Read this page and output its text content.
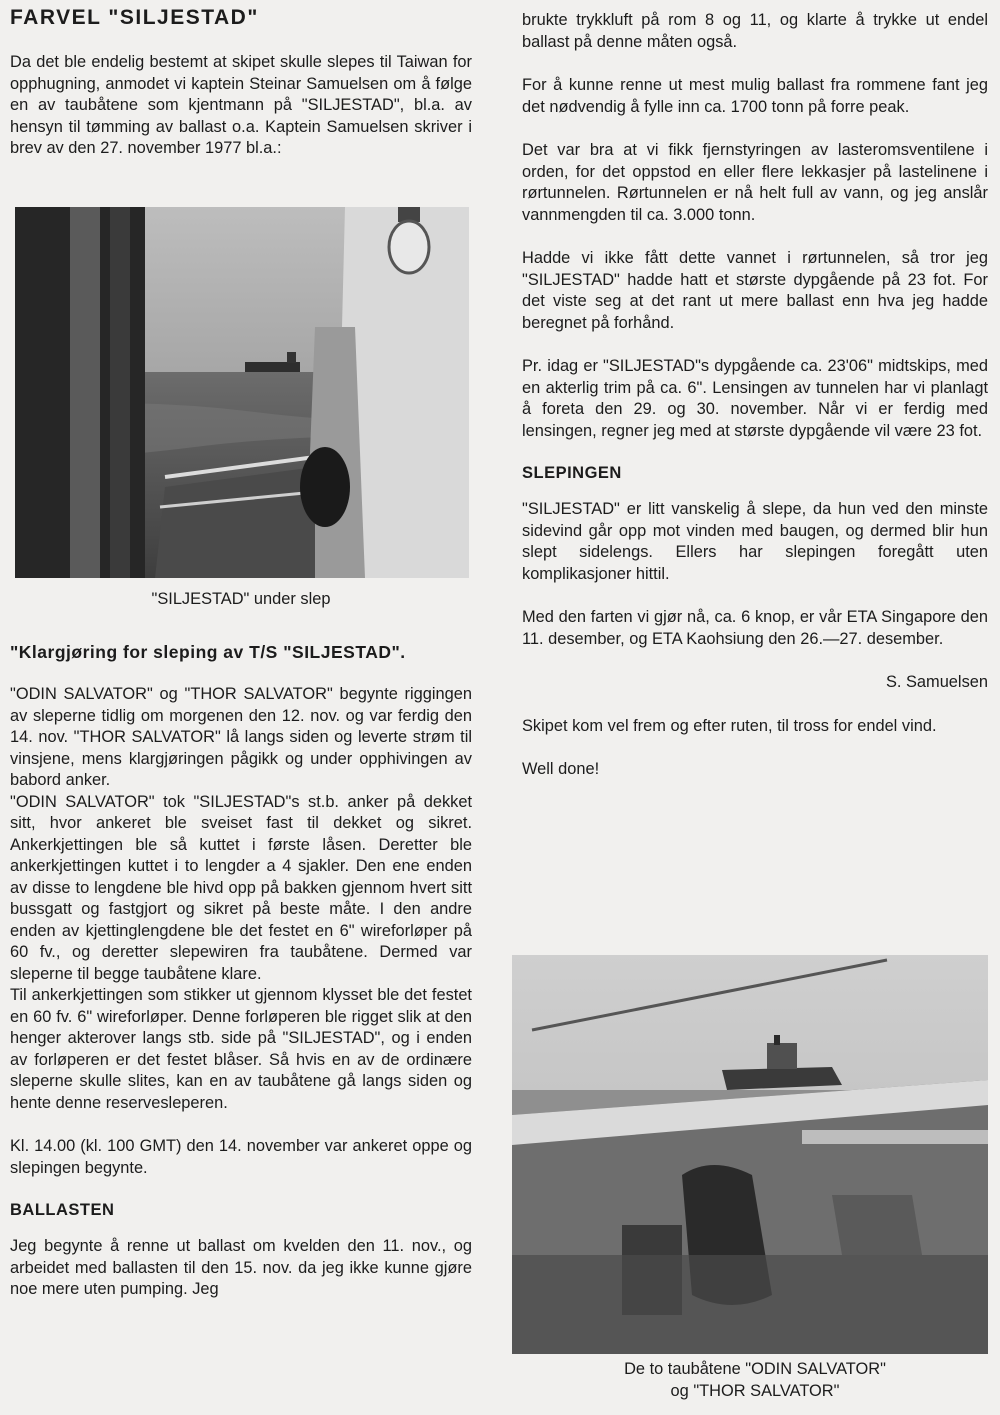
FARVEL "SILJESTAD"

Da det ble endelig bestemt at skipet skulle slepes til Taiwan for opphugning, anmodet vi kaptein Steinar Samuelsen om å følge en av taubåtene som kjentmann på "SILJESTAD", bl.a. av hensyn til tømming av ballast o.a. Kaptein Samuelsen skriver i brev av den 27. november 1977 bl.a.:

"SILJESTAD" under slep
"Klargjøring for sleping av T/S "SILJESTAD".

"ODIN SALVATOR" og "THOR SALVATOR" begynte riggingen av sleperne tidlig om morgenen den 12. nov. og var ferdig den 14. nov. "THOR SALVATOR" lå langs siden og leverte strøm til vinsjene, mens klargjøringen pågikk og under opphivingen av babord anker.

"ODIN SALVATOR" tok "SILJESTAD"s st.b. anker på dekket sitt, hvor ankeret ble sveiset fast til dekket og sikret. Ankerkjettingen ble så kuttet i første låsen. Deretter ble ankerkjettingen kuttet i to lengder a 4 sjakler. Den ene enden av disse to lengdene ble hivd opp på bakken gjennom hvert sitt bussgatt og fastgjort og sikret på beste måte. I den andre enden av kjettinglengdene ble det festet en 6" wireforløper på 60 fv., og deretter slepewiren fra taubåtene. Dermed var sleperne til begge taubåtene klare.

Til ankerkjettingen som stikker ut gjennom klysset ble det festet en 60 fv. 6" wireforløper. Denne forløperen ble rigget slik at den henger akterover langs stb. side på "SILJESTAD", og i enden av forløperen er det festet blåser. Så hvis en av de ordinære sleperne skulle slites, kan en av taubåtene gå langs siden og hente denne reservesleperen.

Kl. 14.00 (kl. 100 GMT) den 14. november var ankeret oppe og slepingen begynte.

BALLASTEN

Jeg begynte å renne ut ballast om kvelden den 11. nov., og arbeidet med ballasten til den 15. nov. da jeg ikke kunne gjøre noe mere uten pumping. Jeg

brukte trykkluft på rom 8 og 11, og klarte å trykke ut endel ballast på denne måten også.

For å kunne renne ut mest mulig ballast fra rommene fant jeg det nødvendig å fylle inn ca. 1700 tonn på forre peak.

Det var bra at vi fikk fjernstyringen av lasteromsventilene i orden, for det oppstod en eller flere lekkasjer på lastelinene i rørtunnelen. Rørtunnelen er nå helt full av vann, og jeg anslår vannmengden til ca. 3.000 tonn.

Hadde vi ikke fått dette vannet i rørtunnelen, så tror jeg "SILJESTAD" hadde hatt et største dypgående på 23 fot. For det viste seg at det rant ut mere ballast enn hva jeg hadde beregnet på forhånd.

Pr. idag er "SILJESTAD"s dypgående ca. 23'06" midtskips, med en akterlig trim på ca. 6". Lensingen av tunnelen har vi planlagt å foreta den 29. og 30. november. Når vi er ferdig med lensingen, regner jeg med at største dypgående vil være 23 fot.

SLEPINGEN

"SILJESTAD" er litt vanskelig å slepe, da hun ved den minste sidevind går opp mot vinden med baugen, og dermed blir hun slept sidelengs. Ellers har slepingen foregått uten komplikasjoner hittil.

Med den farten vi gjør nå, ca. 6 knop, er vår ETA Singapore den 11. desember, og ETA Kaohsiung den 26.—27. desember.

S. Samuelsen

Skipet kom vel frem og efter ruten, til tross for endel vind.

Well done!

De to taubåtene "ODIN SALVATOR"
og "THOR SALVATOR"
